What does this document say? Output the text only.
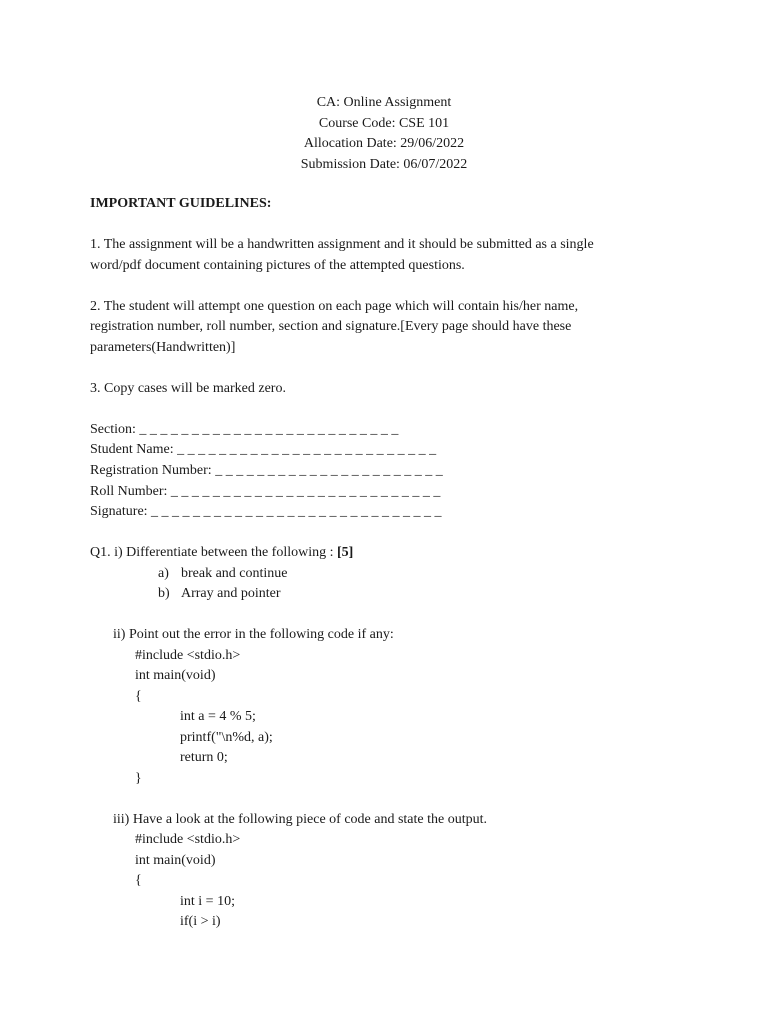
CA: Online Assignment
Course Code: CSE 101
Allocation Date: 29/06/2022
Submission Date: 06/07/2022
IMPORTANT GUIDELINES:
1. The assignment will be a handwritten assignment and it should be submitted as a single
word/pdf document containing pictures of the attempted questions.
2. The student will attempt one question on each page which will contain his/her name,
registration number, roll number, section and signature.[Every page should have these
parameters(Handwritten)]
3. Copy cases will be marked zero.
Section: _ _ _ _ _ _ _ _ _ _ _ _ _ _ _ _ _ _ _ _ _ _ _ _ _
Student Name: _ _ _ _ _ _ _ _ _ _ _ _ _ _ _ _ _ _ _ _ _ _ _ _ _
Registration Number: _ _ _ _ _ _ _ _ _ _ _ _ _ _ _ _ _ _ _ _ _ _
Roll Number: _ _ _ _ _ _ _ _ _ _ _ _ _ _ _ _ _ _ _ _ _ _ _ _ _ _
Signature: _ _ _ _ _ _ _ _ _ _ _ _ _ _ _ _ _ _ _ _ _ _ _ _ _ _ _ _
Q1. i) Differentiate between the following : [5]
a) break and continue
b) Array and pointer
ii) Point out the error in the following code if any:
#include <stdio.h>
int main(void)
{
int a = 4 % 5;
printf("\n%d, a);
return 0;
}
iii) Have a look at the following piece of code and state the output.
#include <stdio.h>
int main(void)
{
int i = 10;
if(i > i)
